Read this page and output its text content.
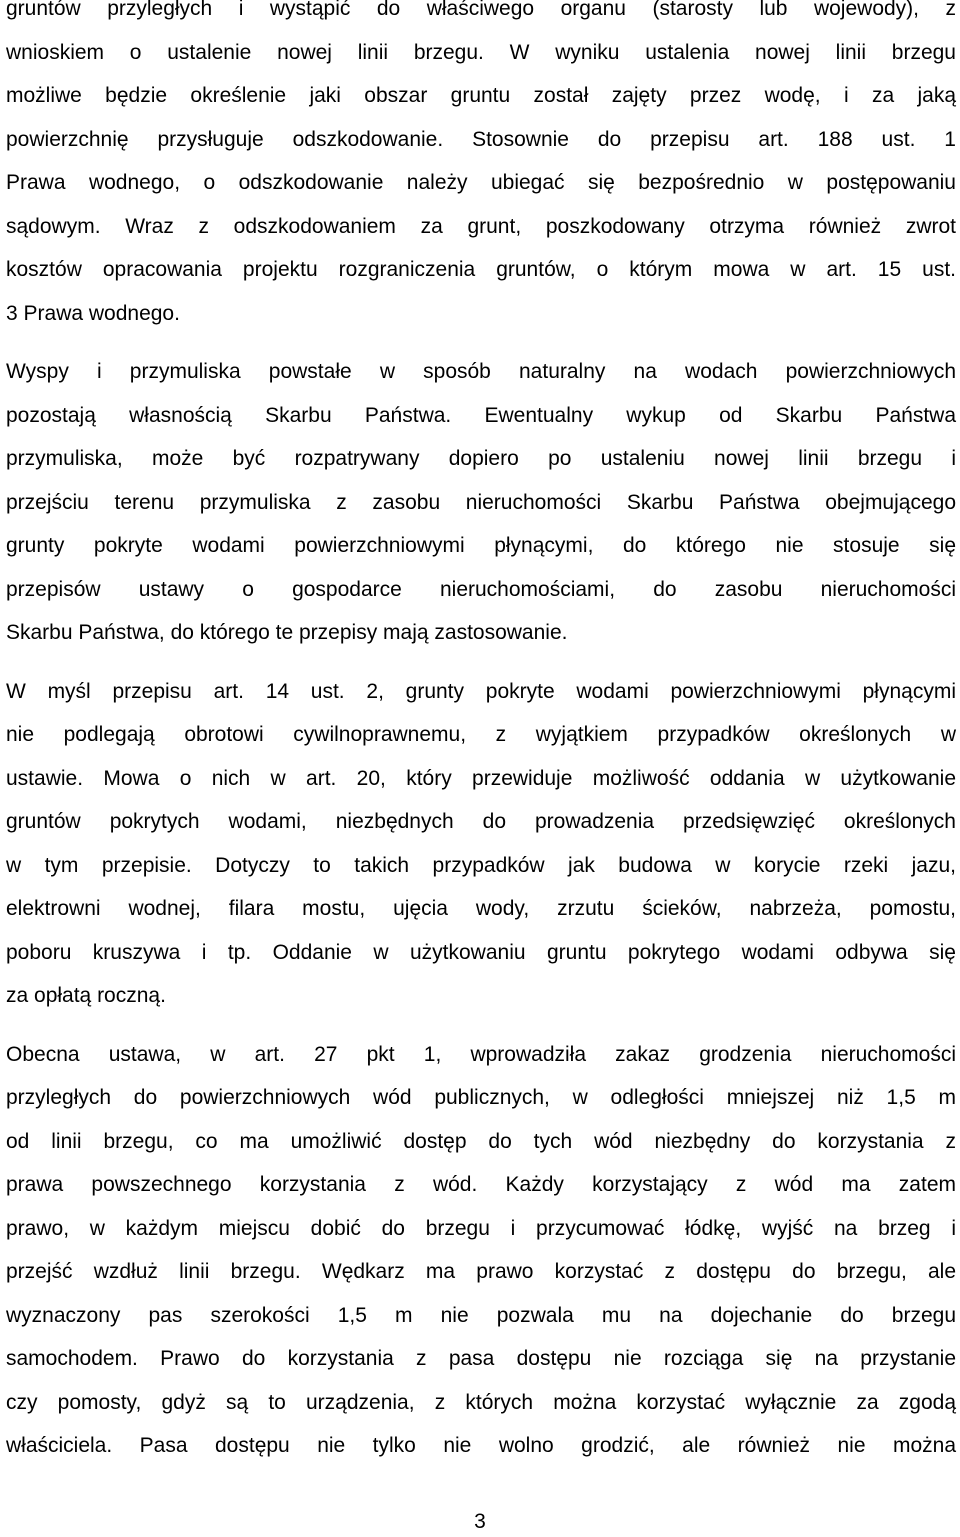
gruntów przyległych i wystąpić do właściwego organu (starosty lub wojewody), z
wnioskiem o ustalenie nowej linii brzegu. W wyniku ustalenia nowej linii brzegu
możliwe będzie określenie jaki obszar gruntu został zajęty przez wodę, i za jaką
powierzchnię przysługuje odszkodowanie. Stosownie do przepisu art. 188 ust. 1
Prawa wodnego, o odszkodowanie należy ubiegać się bezpośrednio w postępowaniu
sądowym. Wraz z odszkodowaniem za grunt, poszkodowany otrzyma również zwrot
kosztów opracowania projektu rozgraniczenia gruntów, o którym mowa w art. 15 ust.
3 Prawa wodnego.
Wyspy i przymuliska powstałe w sposób naturalny na wodach powierzchniowych
pozostają własnością Skarbu Państwa. Ewentualny wykup od Skarbu Państwa
przymuliska, może być rozpatrywany dopiero po ustaleniu nowej linii brzegu i
przejściu terenu przymuliska z zasobu nieruchomości Skarbu Państwa obejmującego
grunty pokryte wodami powierzchniowymi płynącymi, do którego nie stosuje się
przepisów ustawy o gospodarce nieruchomościami, do zasobu nieruchomości
Skarbu Państwa, do którego te przepisy mają zastosowanie.
W myśl przepisu art. 14 ust. 2, grunty pokryte wodami powierzchniowymi płynącymi
nie podlegają obrotowi cywilnoprawnemu, z wyjątkiem przypadków określonych w
ustawie. Mowa o nich w art. 20, który przewiduje możliwość oddania w użytkowanie
gruntów pokrytych wodami, niezbędnych do prowadzenia przedsięwzięć określonych
w tym przepisie. Dotyczy to takich przypadków jak budowa w korycie rzeki jazu,
elektrowni wodnej, filara mostu, ujęcia wody, zrzutu ścieków, nabrzeża, pomostu,
poboru kruszywa i tp. Oddanie w użytkowaniu gruntu pokrytego wodami odbywa się
za opłatą roczną.
Obecna ustawa, w art. 27 pkt 1, wprowadziła zakaz grodzenia nieruchomości
przyległych do powierzchniowych wód publicznych, w odległości mniejszej niż 1,5 m
od linii brzegu, co ma umożliwić dostęp do tych wód niezbędny do korzystania z
prawa powszechnego korzystania z wód. Każdy korzystający z wód ma zatem
prawo, w każdym miejscu dobić do brzegu i przycumować łódkę, wyjść na brzeg i
przejść wzdłuż linii brzegu. Wędkarz ma prawo korzystać z dostępu do brzegu, ale
wyznaczony pas szerokości 1,5 m nie pozwala mu na dojechanie do brzegu
samochodem. Prawo do korzystania z pasa dostępu nie rozciąga się na przystanie
czy pomosty, gdyż są to urządzenia, z których można korzystać wyłącznie za zgodą
właściciela. Pasa dostępu nie tylko nie wolno grodzić, ale również nie można
3
